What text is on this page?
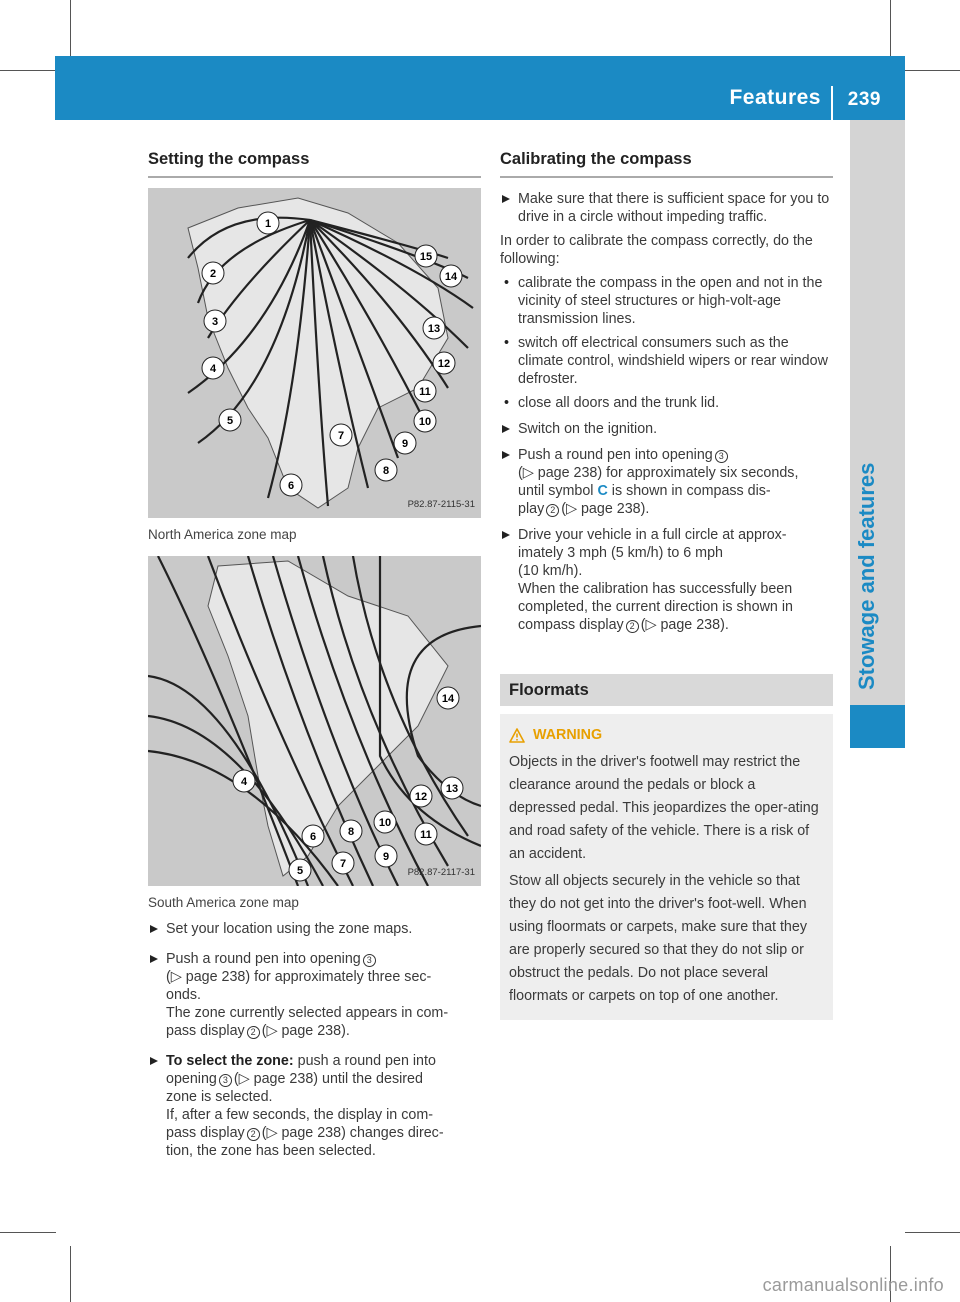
Features 239
Stowage and features
Setting the compass
1
2
3
4
5
6
7
8
9
10
11
12
13
14
15
P82.87-2115-31
North America zone map
14
4
13
12
10
11
6	8
9
7
5	P82.87-2117-31
South America zone map
Set your location using the zone maps.
Push a round pen into opening 3
(▷ page 238) for approximately three sec-
onds.
The zone currently selected appears in com-
pass display 2 (▷ page 238).
To select the zone: push a round pen into
opening 3 (▷ page 238) until the desired
zone is selected.
If, after a few seconds, the display in com-
pass display 2 (▷ page 238) changes direc-
tion, the zone has been selected.
Calibrating the compass
Make sure that there is sufficient space for you to drive in a circle without impeding traffic.
In order to calibrate the compass correctly, do the following:
• calibrate the compass in the open and not in the vicinity of steel structures or high-volt-age transmission lines.
• switch off electrical consumers such as the climate control, windshield wipers or rear window defroster.
• close all doors and the trunk lid.
Switch on the ignition.
Push a round pen into opening 3
(▷ page 238) for approximately six seconds,
until symbol C is shown in compass dis-
play 2 (▷ page 238).
Drive your vehicle in a full circle at approx-
imately 3 mph (5 km/h) to 6 mph
(10 km/h).
When the calibration has successfully been
completed, the current direction is shown in
compass display 2 (▷ page 238).
Floormats
WARNING

Objects in the driver's footwell may restrict the clearance around the pedals or block a depressed pedal. This jeopardizes the oper-ating and road safety of the vehicle. There is a risk of an accident.

Stow all objects securely in the vehicle so that they do not get into the driver's foot-well. When using floormats or carpets, make sure that they are properly secured so that they do not slip or obstruct the pedals. Do not place several floormats or carpets on top of one another.

carmanualsonline.info
